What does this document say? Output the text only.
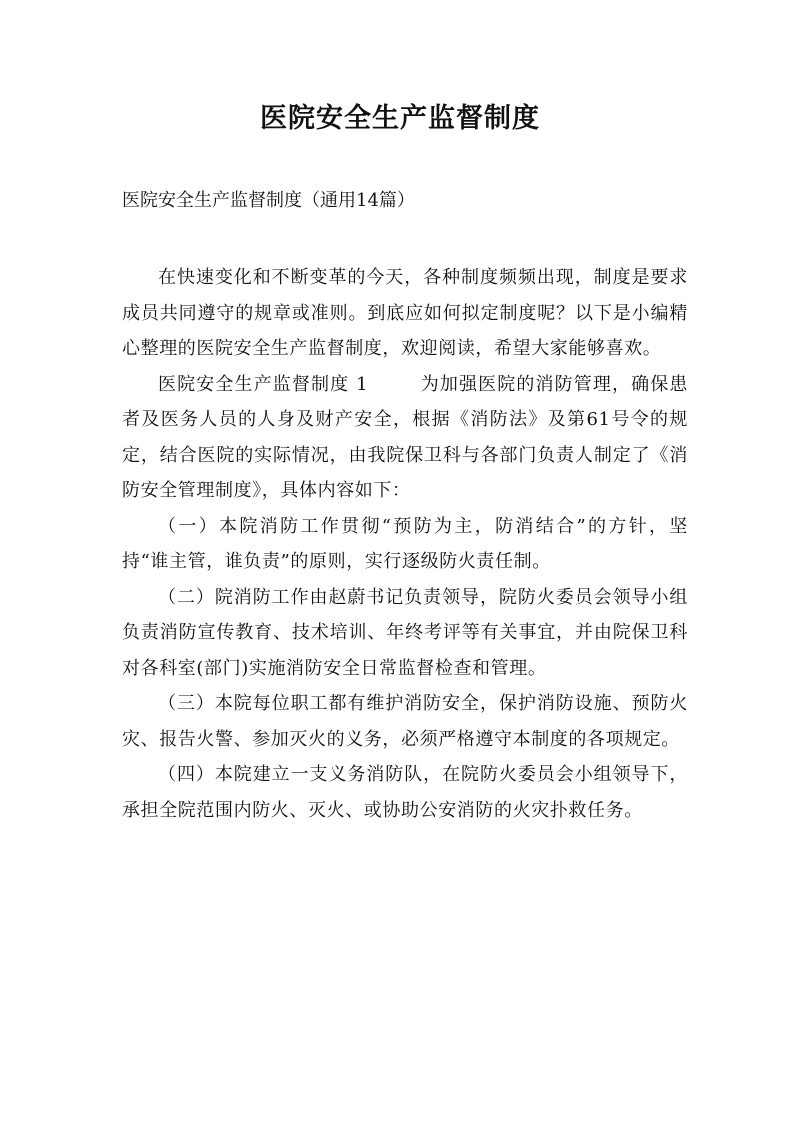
医院安全生产监督制度

医院安全生产监督制度（通用14篇）

在快速变化和不断变革的今天，各种制度频频出现，制度是要求成员共同遵守的规章或准则。到底应如何拟定制度呢？以下是小编精心整理的医院安全生产监督制度，欢迎阅读，希望大家能够喜欢。

医院安全生产监督制度 1	为加强医院的消防管理，确保患者及医务人员的人身及财产安全，根据《消防法》及第61号令的规定，结合医院的实际情况，由我院保卫科与各部门负责人制定了《消防安全管理制度》，具体内容如下：

（一）本院消防工作贯彻“预防为主，防消结合”的方针，坚持“谁主管，谁负责”的原则，实行逐级防火责任制。

（二）院消防工作由赵蔚书记负责领导，院防火委员会领导小组负责消防宣传教育、技术培训、年终考评等有关事宜，并由院保卫科对各科室(部门)实施消防安全日常监督检查和管理。

（三）本院每位职工都有维护消防安全，保护消防设施、预防火灾、报告火警、参加灭火的义务，必须严格遵守本制度的各项规定。

（四）本院建立一支义务消防队，在院防火委员会小组领导下，承担全院范围内防火、灭火、或协助公安消防的火灾扑救任务。
